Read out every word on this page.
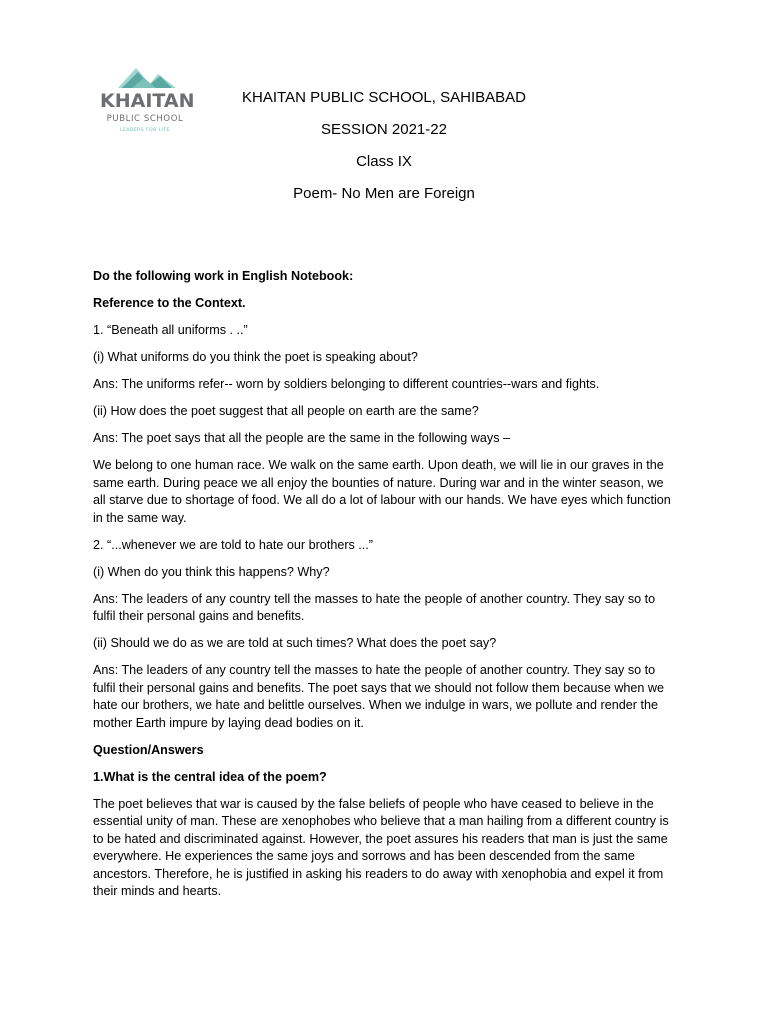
KHAITAN
PUBLIC SCHOOL
LEADERS FOR LIFE
KHAITAN PUBLIC SCHOOL, SAHIBABAD
SESSION 2021-22
Class IX
Poem- No Men are Foreign

Do the following work in English Notebook:

Reference to the Context.

1. “Beneath all uniforms . ..”

(i) What uniforms do you think the poet is speaking about?

Ans: The uniforms refer-- worn by soldiers belonging to different countries--wars and fights.

(ii) How does the poet suggest that all people on earth are the same?

Ans: The poet says that all the people are the same in the following ways –

We belong to one human race. We walk on the same earth. Upon death, we will lie in our graves in the same earth. During peace we all enjoy the bounties of nature. During war and in the winter season, we all starve due to shortage of food. We all do a lot of labour with our hands. We have eyes which function in the same way.

2. “...whenever we are told to hate our brothers ...”

(i) When do you think this happens? Why?

Ans: The leaders of any country tell the masses to hate the people of another country. They say so to fulfil their personal gains and benefits.

(ii) Should we do as we are told at such times? What does the poet say?

Ans: The leaders of any country tell the masses to hate the people of another country. They say so to fulfil their personal gains and benefits. The poet says that we should not follow them because when we hate our brothers, we hate and belittle ourselves. When we indulge in wars, we pollute and render the mother Earth impure by laying dead bodies on it.

Question/Answers

1.What is the central idea of the poem?

The poet believes that war is caused by the false beliefs of people who have ceased to believe in the essential unity of man. These are xenophobes who believe that a man hailing from a different country is to be hated and discriminated against. However, the poet assures his readers that man is just the same everywhere. He experiences the same joys and sorrows and has been descended from the same ancestors. Therefore, he is justified in asking his readers to do away with xenophobia and expel it from their minds and hearts.
